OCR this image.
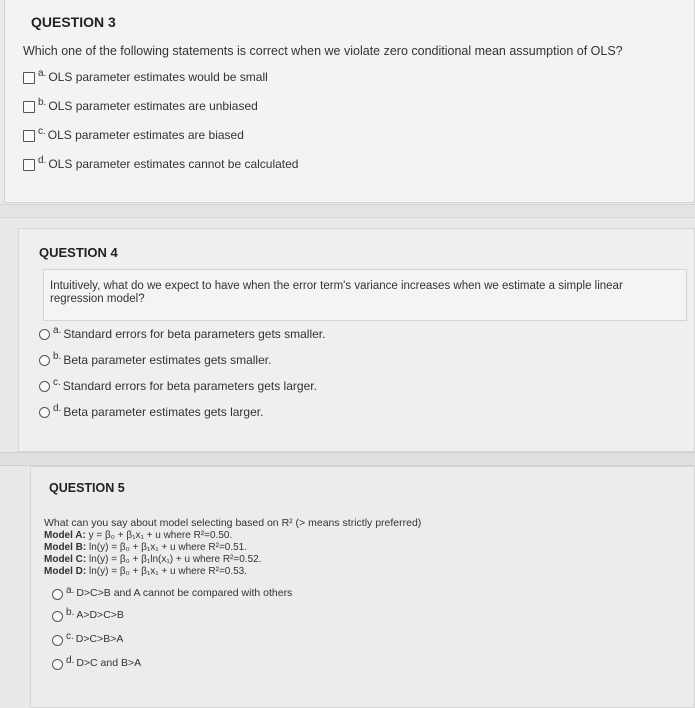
QUESTION 3
Which one of the following statements is correct when we violate zero conditional mean assumption of OLS?
a. OLS parameter estimates would be small
b. OLS parameter estimates are unbiased
c. OLS parameter estimates are biased
d. OLS parameter estimates cannot be calculated
QUESTION 4
Intuitively, what do we expect to have when the error term's variance increases when we estimate a simple linear regression model?
a. Standard errors for beta parameters gets smaller.
b. Beta parameter estimates gets smaller.
c. Standard errors for beta parameters gets larger.
d. Beta parameter estimates gets larger.
QUESTION 5
What can you say about model selecting based on R² (> means strictly preferred)
Model A: y = β₀ + β₁x₁ + u where R²=0.50.
Model B: ln(y) = β₀ + β₁x₁ + u where R²=0.51.
Model C: ln(y) = β₀ + β₁ln(x₁) + u where R²=0.52.
Model D: ln(y) = β₀ + β₁x₁ + u where R²=0.53.
a. D>C>B and A cannot be compared with others
b. A>D>C>B
c. D>C>B>A
d. D>C and B>A
